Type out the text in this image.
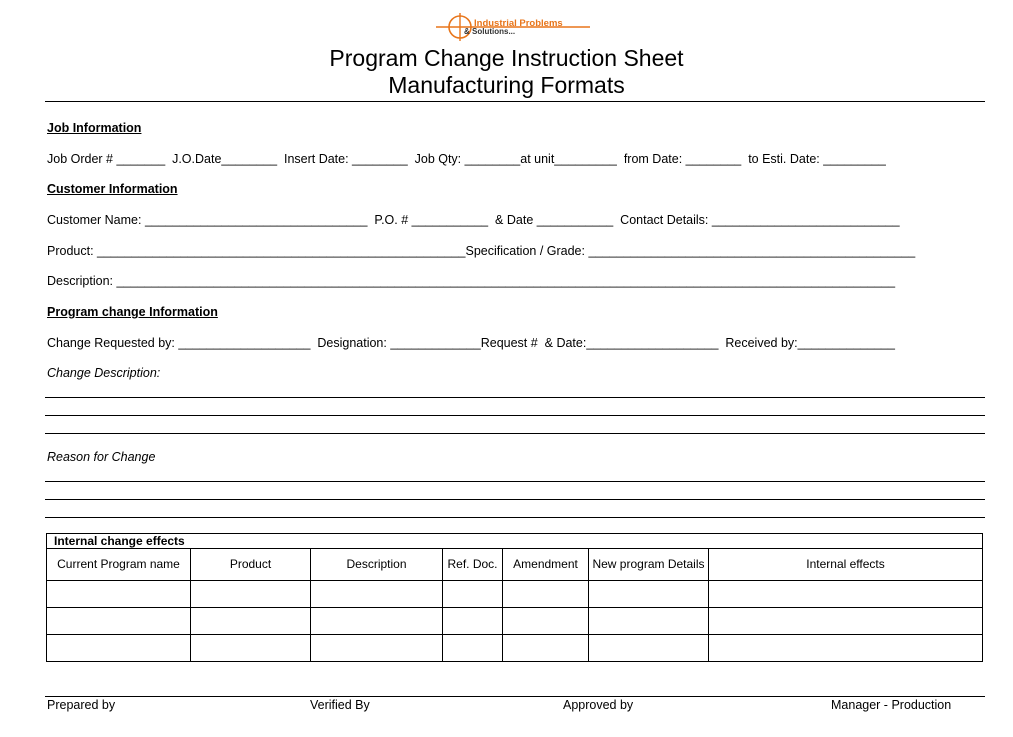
Industrial Problems
& Solutions...
Program Change Instruction Sheet
Manufacturing Formats
Job Information
Job Order # _______  J.O.Date________  Insert Date: ________  Job Qty: ________at unit_________  from Date: ________  to Esti. Date: _________
Customer Information
Customer Name: ________________________________  P.O. # ___________  & Date ___________  Contact Details: ___________________________
Product: _____________________________________________________Specification / Grade: _______________________________________________
Description: ________________________________________________________________________________________________________________
Program change Information
Change Requested by: ___________________  Designation: _____________Request #  & Date:___________________  Received by:______________
Change Description:
Reason for Change
Internal change effects						
Current Program name	Product	Description	Ref. Doc.	Amendment	New program Details	Internal effects

Prepared by	Verified By	Approved by	Manager - Production
